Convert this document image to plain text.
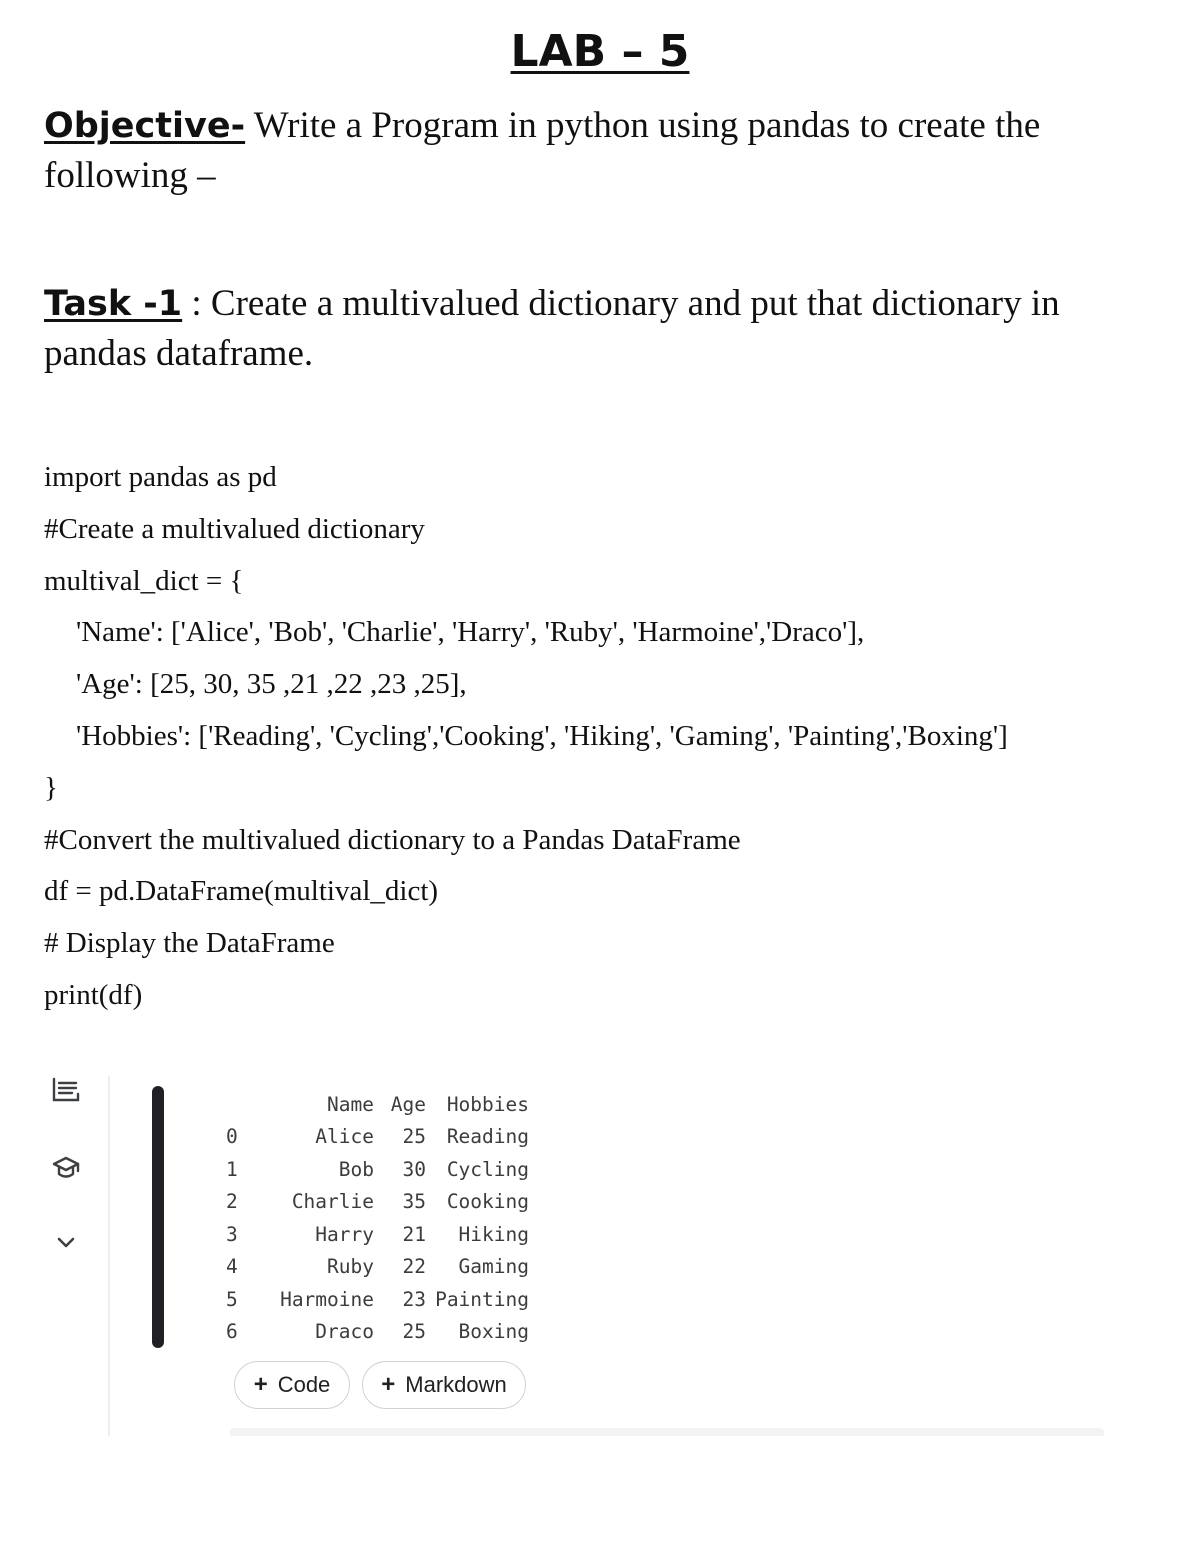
LAB – 5

Objective- Write a Program in python using pandas to create the following –

Task -1 : Create a multivalued dictionary and put that dictionary in pandas dataframe.

import pandas as pd
#Create a multivalued dictionary
multival_dict = {
'Name': ['Alice', 'Bob', 'Charlie', 'Harry', 'Ruby', 'Harmoine','Draco'],
'Age': [25, 30, 35 ,21 ,22 ,23 ,25],
'Hobbies': ['Reading', 'Cycling','Cooking', 'Hiking', 'Gaming', 'Painting','Boxing']
}
#Convert the multivalued dictionary to a Pandas DataFrame
df = pd.DataFrame(multival_dict)
# Display the DataFrame
print(df)
	Name	Age	Hobbies
0	Alice	25	Reading
1	Bob	30	Cycling
2	Charlie	35	Cooking
3	Harry	21	Hiking
4	Ruby	22	Gaming
5	Harmoine	23	Painting
6	Draco	25	Boxing
+ Code + Markdown
